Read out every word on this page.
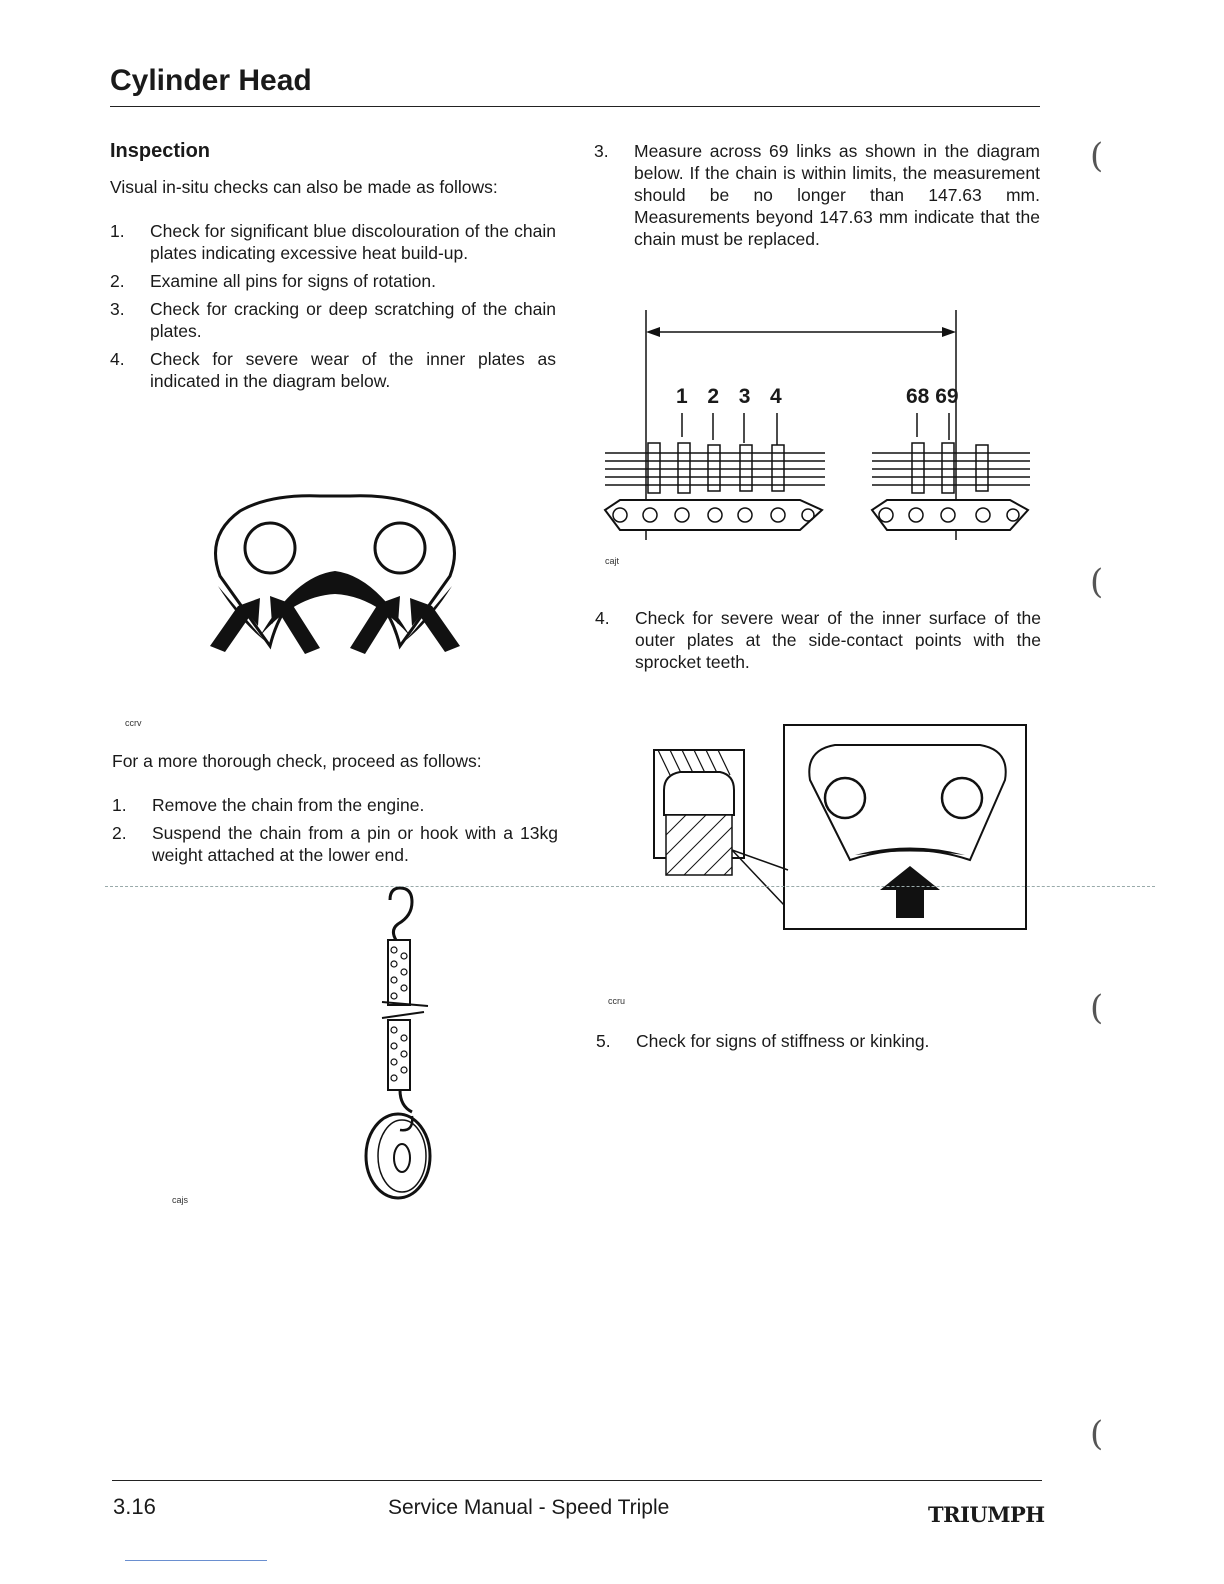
Cylinder Head
Inspection

Visual in-situ checks can also be made as follows:

1. Check for significant blue discolouration of the chain plates indicating excessive heat build-up.
2. Examine all pins for signs of rotation.
3. Check for cracking or deep scratching of the chain plates.
4. Check for severe wear of the inner plates as indicated in the diagram below.
ccrv

For a more thorough check, proceed as follows:

1. Remove the chain from the engine.
2. Suspend the chain from a pin or hook with a 13kg weight attached at the lower end.
cajs
3. Measure across 69 links as shown in the diagram below. If the chain is within limits, the measurement should be no longer than 147.63 mm. Measurements beyond 147.63 mm indicate that the chain must be replaced.
1  2  3  4	68 69
cajt
4. Check for severe wear of the inner surface of the outer plates at the side-contact points with the sprocket teeth.
ccru
5. Check for signs of stiffness or kinking.
(
(
(
(
3.16	Service Manual - Speed Triple	TRIUMPH
